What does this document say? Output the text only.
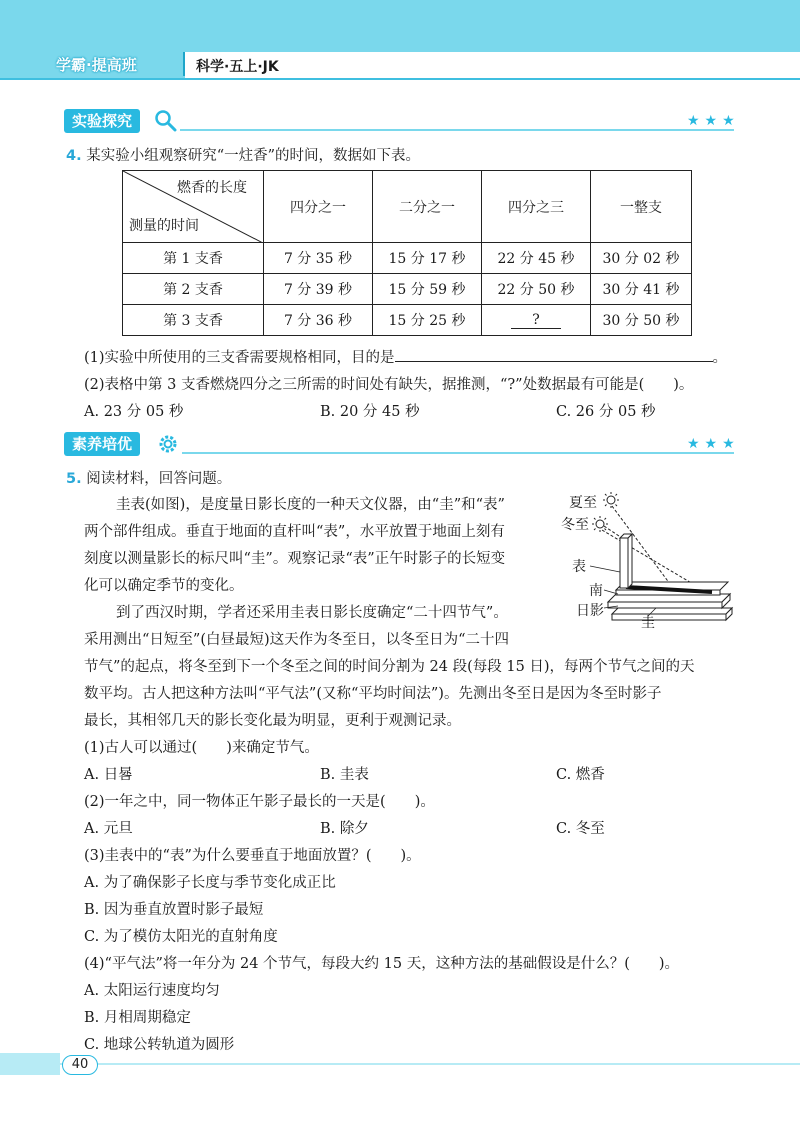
学霸·提高班	科学·五上·JK
实验探究	★★★
4. 某实验小组观察研究“一炷香”的时间，数据如下表。
燃香的长度
测量的时间	四分之一	二分之一	四分之三	一整支
第 1 支香	7 分 35 秒	15 分 17 秒	22 分 45 秒	30 分 02 秒
第 2 支香	7 分 39 秒	15 分 59 秒	22 分 50 秒	30 分 41 秒
第 3 支香	7 分 36 秒	15 分 25 秒	?	30 分 50 秒
(1)实验中所使用的三支香需要规格相同，目的是	。
(2)表格中第 3 支香燃烧四分之三所需的时间处有缺失，据推测，“?”处数据最有可能是(　　)。
A. 23 分 05 秒	B. 20 分 45 秒	C. 26 分 05 秒
素养培优	★★★
5. 阅读材料，回答问题。
圭表(如图)，是度量日影长度的一种天文仪器，由“圭”和“表”
两个部件组成。垂直于地面的直杆叫“表”，水平放置于地面上刻有
刻度以测量影长的标尺叫“圭”。观察记录“表”正午时影子的长短变
化可以确定季节的变化。
到了西汉时期，学者还采用圭表日影长度确定“二十四节气”。
采用测出“日短至”(白昼最短)这天作为冬至日，以冬至日为“二十四
节气”的起点，将冬至到下一个冬至之间的时间分割为 24 段(每段 15 日)，每两个节气之间的天
数平均。古人把这种方法叫“平气法”(又称“平均时间法”)。先测出冬至日是因为冬至时影子
最长，其相邻几天的影长变化最为明显，更利于观测记录。
夏至
冬至
表
南
日影
圭
(1)古人可以通过(　　)来确定节气。
A. 日晷	B. 圭表	C. 燃香
(2)一年之中，同一物体正午影子最长的一天是(　　)。
A. 元旦	B. 除夕	C. 冬至
(3)圭表中的“表”为什么要垂直于地面放置？(　　)。
A. 为了确保影子长度与季节变化成正比
B. 因为垂直放置时影子最短
C. 为了模仿太阳光的直射角度
(4)“平气法”将一年分为 24 个节气，每段大约 15 天，这种方法的基础假设是什么？(　　)。
A. 太阳运行速度均匀
B. 月相周期稳定
C. 地球公转轨道为圆形
40
